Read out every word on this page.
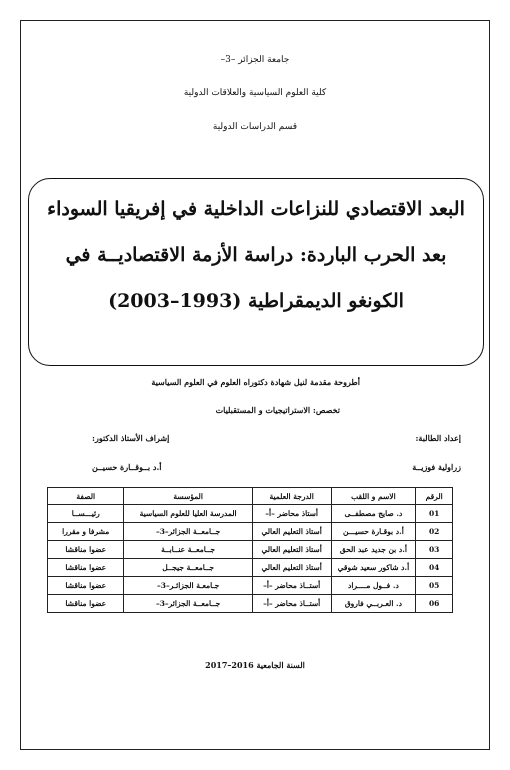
جامعة الجزائر –3–
كلية العلوم السياسية والعلاقات الدولية
قسم الدراسات الدولية
البعد الاقتصادي للنزاعات الداخلية في إفريقيا السوداء
بعد الحرب الباردة: دراسة الأزمة الاقتصاديــة في
الكونغو الديمقراطية (1993–2003)
أطروحة مقدمة لنيل شهادة دكتوراه العلوم في العلوم السياسية
تخصص: الاستراتيجيات و المستقبليات
إعداد الطالبة:
إشراف الأستاذ الدكتور:
زراولية فوزيــة
أ.د بــوقــارة حسيــن
الرقم	الاسم و اللقب	الدرجة العلمية	المؤسسة	الصفة
01	د. صايج مصطفــى	أستاذ محاضر –أ–	المدرسة العليا للعلوم السياسية	رئيـــســا
02	أ.د بوقـارة حسيـــن	أستاذ التعليم العالي	جــامعــة الجزائر–3–	مشرفا و مقررا
03	أ.د بن جديد عبد الحق	أستاذ التعليم العالي	جــامعــة عنــابــة	عضوا مناقشا
04	أ.د شاكور سعيد شوقي	أستاذ التعليم العالي	جــامعــة جيجــل	عضوا مناقشا
05	د. فــول مــــراد	أستــاذ محاضر –أ–	جـامعـة الجزائـر–3–	عضوا مناقشا
06	د. العـربــي فاروق	أستــاذ محاضر –أ–	جــامعــة الجزائر–3–	عضوا مناقشا
السنة الجامعية 2016–2017
